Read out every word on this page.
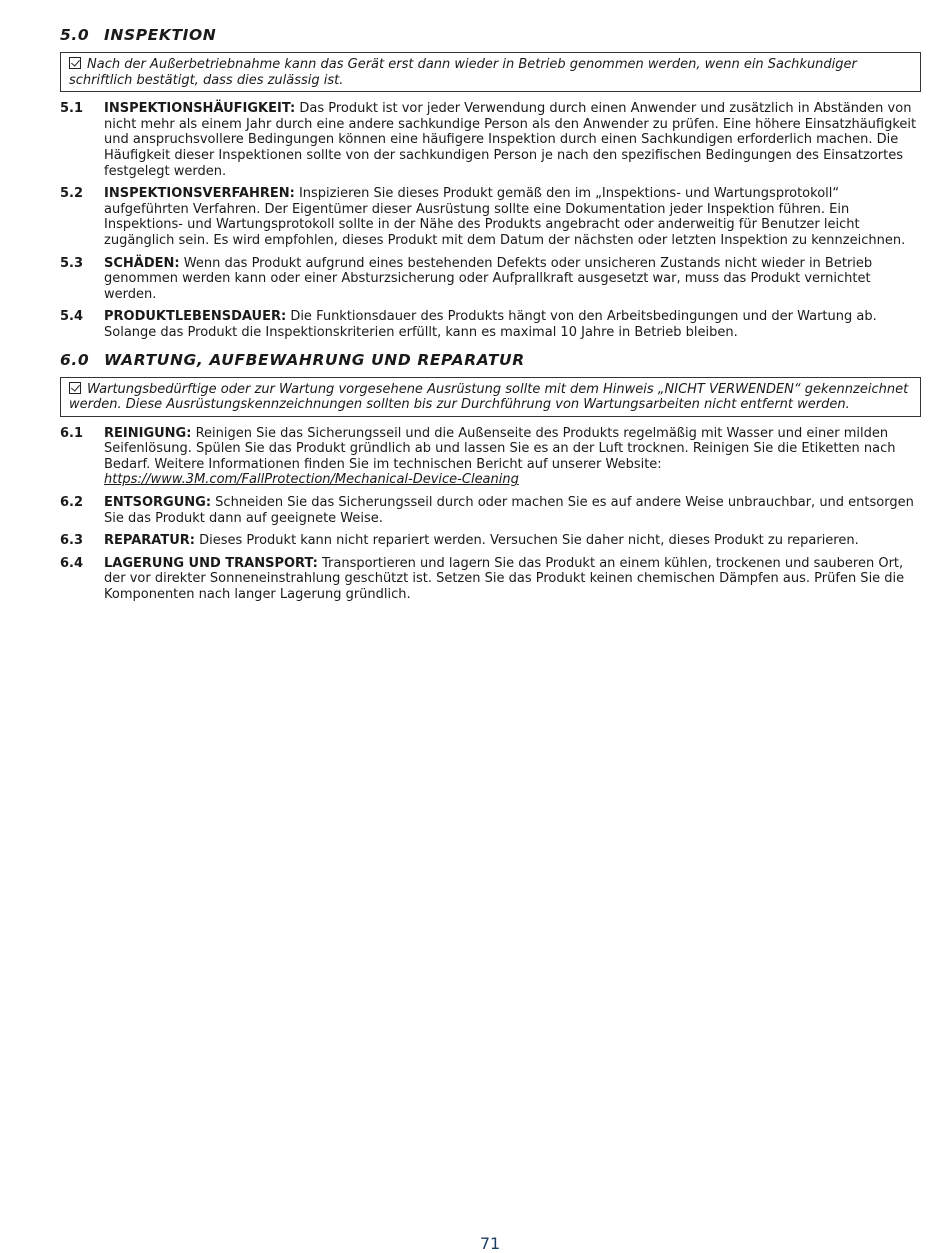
5.0 INSPEKTION
Nach der Außerbetriebnahme kann das Gerät erst dann wieder in Betrieb genommen werden, wenn ein Sachkundiger schriftlich bestätigt, dass dies zulässig ist.
5.1	INSPEKTIONSHÄUFIGKEIT: Das Produkt ist vor jeder Verwendung durch einen Anwender und zusätzlich in Abständen von nicht mehr als einem Jahr durch eine andere sachkundige Person als den Anwender zu prüfen. Eine höhere Einsatzhäufigkeit und anspruchsvollere Bedingungen können eine häufigere Inspektion durch einen Sachkundigen erforderlich machen. Die Häufigkeit dieser Inspektionen sollte von der sachkundigen Person je nach den spezifischen Bedingungen des Einsatzortes festgelegt werden.
5.2	INSPEKTIONSVERFAHREN: Inspizieren Sie dieses Produkt gemäß den im „Inspektions- und Wartungsprotokoll“ aufgeführten Verfahren. Der Eigentümer dieser Ausrüstung sollte eine Dokumentation jeder Inspektion führen. Ein Inspektions- und Wartungsprotokoll sollte in der Nähe des Produkts angebracht oder anderweitig für Benutzer leicht zugänglich sein. Es wird empfohlen, dieses Produkt mit dem Datum der nächsten oder letzten Inspektion zu kennzeichnen.
5.3	SCHÄDEN: Wenn das Produkt aufgrund eines bestehenden Defekts oder unsicheren Zustands nicht wieder in Betrieb genommen werden kann oder einer Absturzsicherung oder Aufprallkraft ausgesetzt war, muss das Produkt vernichtet werden.
5.4	PRODUKTLEBENSDAUER: Die Funktionsdauer des Produkts hängt von den Arbeitsbedingungen und der Wartung ab. Solange das Produkt die Inspektionskriterien erfüllt, kann es maximal 10 Jahre in Betrieb bleiben.
6.0 WARTUNG, AUFBEWAHRUNG UND REPARATUR
Wartungsbedürftige oder zur Wartung vorgesehene Ausrüstung sollte mit dem Hinweis „NICHT VERWENDEN“ gekennzeichnet werden. Diese Ausrüstungskennzeichnungen sollten bis zur Durchführung von Wartungsarbeiten nicht entfernt werden.
6.1	REINIGUNG: Reinigen Sie das Sicherungsseil und die Außenseite des Produkts regelmäßig mit Wasser und einer milden Seifenlösung. Spülen Sie das Produkt gründlich ab und lassen Sie es an der Luft trocknen. Reinigen Sie die Etiketten nach Bedarf. Weitere Informationen finden Sie im technischen Bericht auf unserer Website:
https://www.3M.com/FallProtection/Mechanical-Device-Cleaning
6.2	ENTSORGUNG: Schneiden Sie das Sicherungsseil durch oder machen Sie es auf andere Weise unbrauchbar, und entsorgen Sie das Produkt dann auf geeignete Weise.
6.3	REPARATUR: Dieses Produkt kann nicht repariert werden. Versuchen Sie daher nicht, dieses Produkt zu reparieren.
6.4	LAGERUNG UND TRANSPORT: Transportieren und lagern Sie das Produkt an einem kühlen, trockenen und sauberen Ort, der vor direkter Sonneneinstrahlung geschützt ist. Setzen Sie das Produkt keinen chemischen Dämpfen aus. Prüfen Sie die Komponenten nach langer Lagerung gründlich.
71
